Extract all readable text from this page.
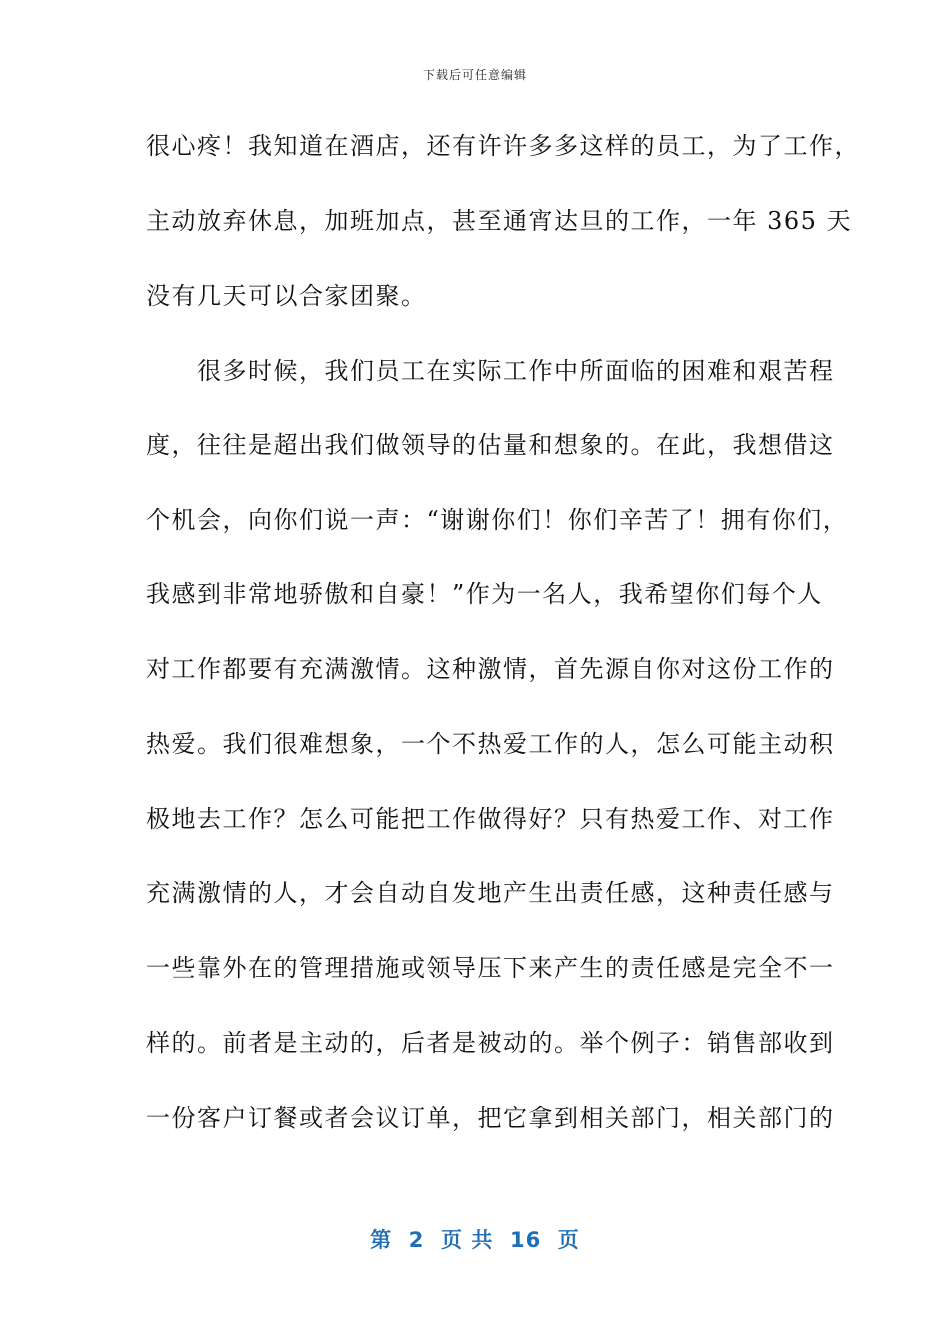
下载后可任意编辑
很心疼！我知道在酒店，还有许许多多这样的员工，为了工作，
主动放弃休息，加班加点，甚至通宵达旦的工作，一年 365 天
没有几天可以合家团聚。
　　很多时候，我们员工在实际工作中所面临的困难和艰苦程
度，往往是超出我们做领导的估量和想象的。在此，我想借这
个机会，向你们说一声：“谢谢你们！你们辛苦了！拥有你们，
我感到非常地骄傲和自豪！”作为一名人，我希望你们每个人
对工作都要有充满激情。这种激情，首先源自你对这份工作的
热爱。我们很难想象，一个不热爱工作的人，怎么可能主动积
极地去工作？怎么可能把工作做得好？只有热爱工作、对工作
充满激情的人，才会自动自发地产生出责任感，这种责任感与
一些靠外在的管理措施或领导压下来产生的责任感是完全不一
样的。前者是主动的，后者是被动的。举个例子：销售部收到
一份客户订餐或者会议订单，把它拿到相关部门，相关部门的
第  2  页 共  16  页
